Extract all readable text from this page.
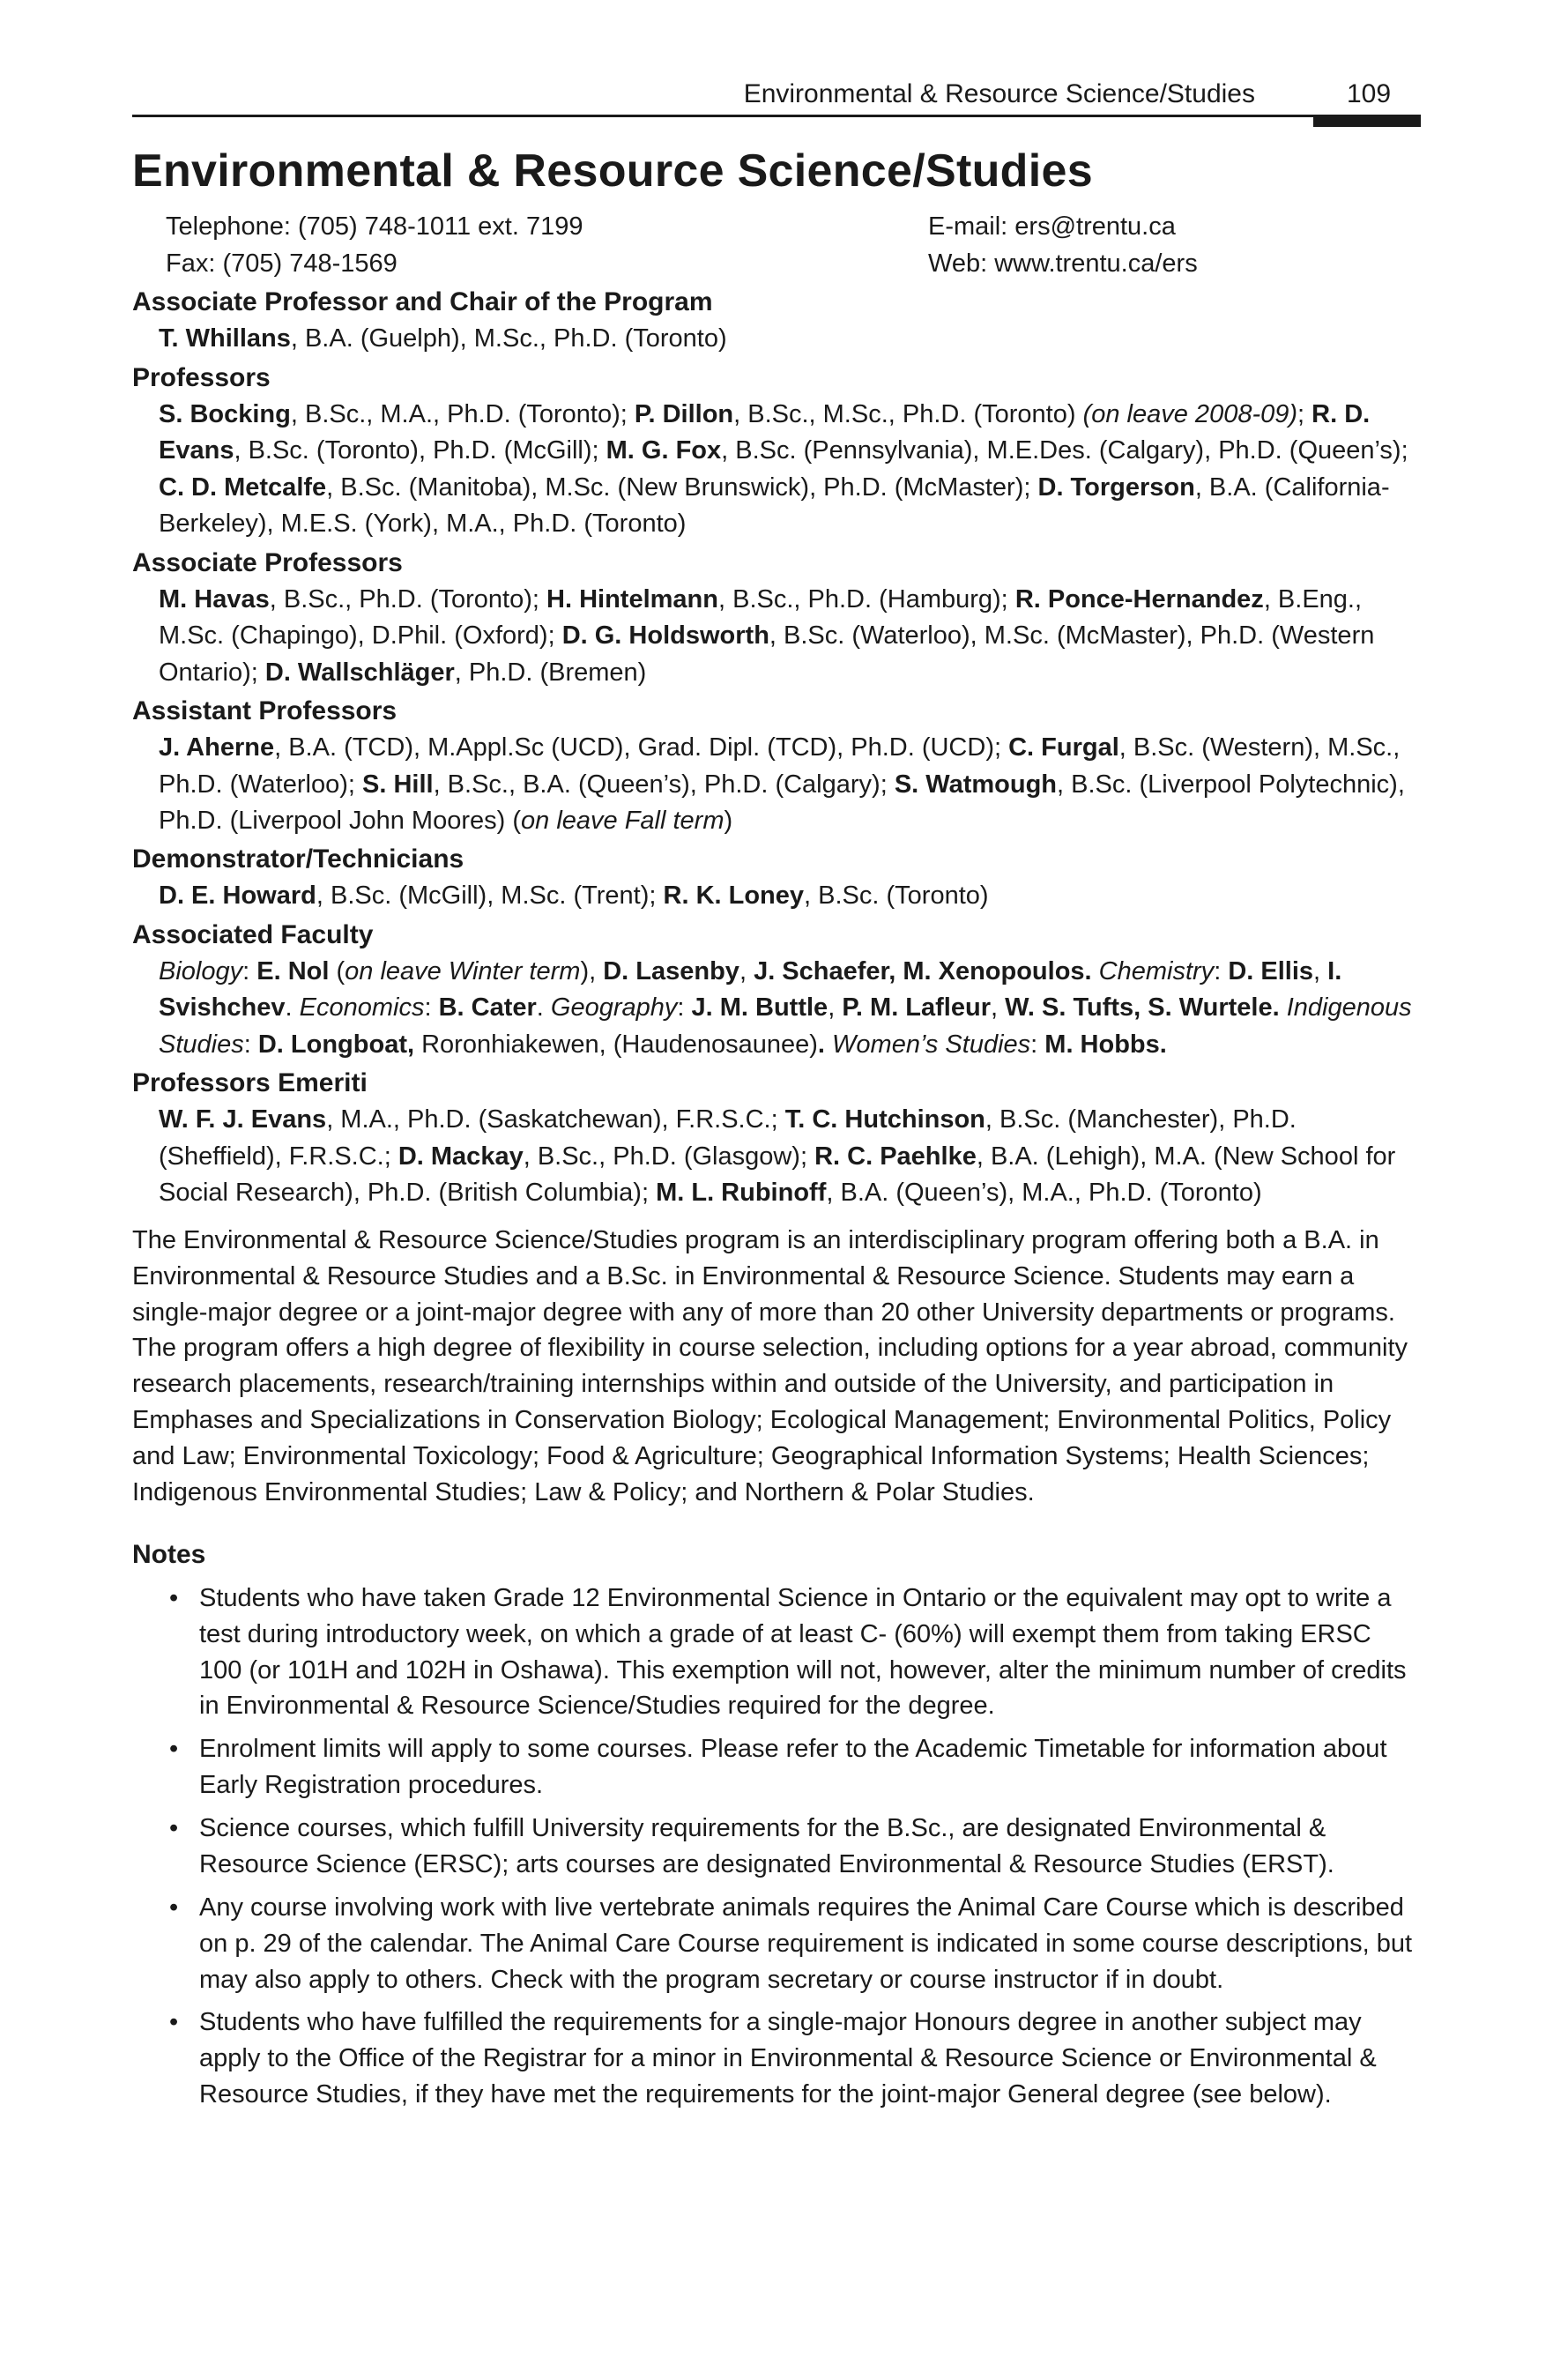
Environmental & Resource Science/Studies	109
Environmental & Resource Science/Studies
Telephone: (705) 748-1011 ext. 7199	E-mail: ers@trentu.ca
Fax: (705) 748-1569	Web: www.trentu.ca/ers
Associate Professor and Chair of the Program
T. Whillans, B.A. (Guelph), M.Sc., Ph.D. (Toronto)
Professors
S. Bocking, B.Sc., M.A., Ph.D. (Toronto); P. Dillon, B.Sc., M.Sc., Ph.D. (Toronto) (on leave 2008-09); R. D. Evans, B.Sc. (Toronto), Ph.D. (McGill); M. G. Fox, B.Sc. (Pennsylvania), M.E.Des. (Calgary), Ph.D. (Queen’s); C. D. Metcalfe, B.Sc. (Manitoba), M.Sc. (New Brunswick), Ph.D. (McMaster); D. Torgerson, B.A. (California-Berkeley), M.E.S. (York), M.A., Ph.D. (Toronto)
Associate Professors
M. Havas, B.Sc., Ph.D. (Toronto); H. Hintelmann, B.Sc., Ph.D. (Hamburg); R. Ponce-Hernandez, B.Eng., M.Sc. (Chapingo), D.Phil. (Oxford); D. G. Holdsworth, B.Sc. (Waterloo), M.Sc. (McMaster), Ph.D. (Western Ontario); D. Wallschläger, Ph.D. (Bremen)
Assistant Professors
J. Aherne, B.A. (TCD), M.Appl.Sc (UCD), Grad. Dipl. (TCD), Ph.D. (UCD); C. Furgal, B.Sc. (Western), M.Sc., Ph.D. (Waterloo); S. Hill, B.Sc., B.A. (Queen’s), Ph.D. (Calgary); S. Watmough, B.Sc. (Liverpool Polytechnic), Ph.D. (Liverpool John Moores) (on leave Fall term)
Demonstrator/Technicians
D. E. Howard, B.Sc. (McGill), M.Sc. (Trent); R. K. Loney, B.Sc. (Toronto)
Associated Faculty
Biology: E. Nol (on leave Winter term), D. Lasenby, J. Schaefer, M. Xenopoulos. Chemistry: D. Ellis, I. Svishchev. Economics: B. Cater. Geography: J. M. Buttle, P. M. Lafleur, W. S. Tufts, S. Wurtele. Indigenous Studies: D. Longboat, Roronhiakewen, (Haudenosaunee). Women’s Studies: M. Hobbs.
Professors Emeriti
W. F. J. Evans, M.A., Ph.D. (Saskatchewan), F.R.S.C.; T. C. Hutchinson, B.Sc. (Manchester), Ph.D. (Sheffield), F.R.S.C.; D. Mackay, B.Sc., Ph.D. (Glasgow); R. C. Paehlke, B.A. (Lehigh), M.A. (New School for Social Research), Ph.D. (British Columbia); M. L. Rubinoff, B.A. (Queen’s), M.A., Ph.D. (Toronto)

The Environmental & Resource Science/Studies program is an interdisciplinary program offering both a B.A. in Environmental & Resource Studies and a B.Sc. in Environmental & Resource Science. Students may earn a single-major degree or a joint-major degree with any of more than 20 other University departments or programs. The program offers a high degree of flexibility in course selection, including options for a year abroad, community research placements, research/training internships within and outside of the University, and participation in Emphases and Specializations in Conservation Biology; Ecological Management; Environmental Politics, Policy and Law; Environmental Toxicology; Food & Agriculture; Geographical Information Systems; Health Sciences; Indigenous Environmental Studies; Law & Policy; and Northern & Polar Studies.

Notes
• Students who have taken Grade 12 Environmental Science in Ontario or the equivalent may opt to write a test during introductory week, on which a grade of at least C- (60%) will exempt them from taking ERSC 100 (or 101H and 102H in Oshawa). This exemption will not, however, alter the minimum number of credits in Environmental & Resource Science/Studies required for the degree.
• Enrolment limits will apply to some courses. Please refer to the Academic Timetable for information about Early Registration procedures.
• Science courses, which fulfill University requirements for the B.Sc., are designated Environmental & Resource Science (ERSC); arts courses are designated Environmental & Resource Studies (ERST).
• Any course involving work with live vertebrate animals requires the Animal Care Course which is described on p. 29 of the calendar. The Animal Care Course requirement is indicated in some course descriptions, but may also apply to others. Check with the program secretary or course instructor if in doubt.
• Students who have fulfilled the requirements for a single-major Honours degree in another subject may apply to the Office of the Registrar for a minor in Environmental & Resource Science or Environmental & Resource Studies, if they have met the requirements for the joint-major General degree (see below).
